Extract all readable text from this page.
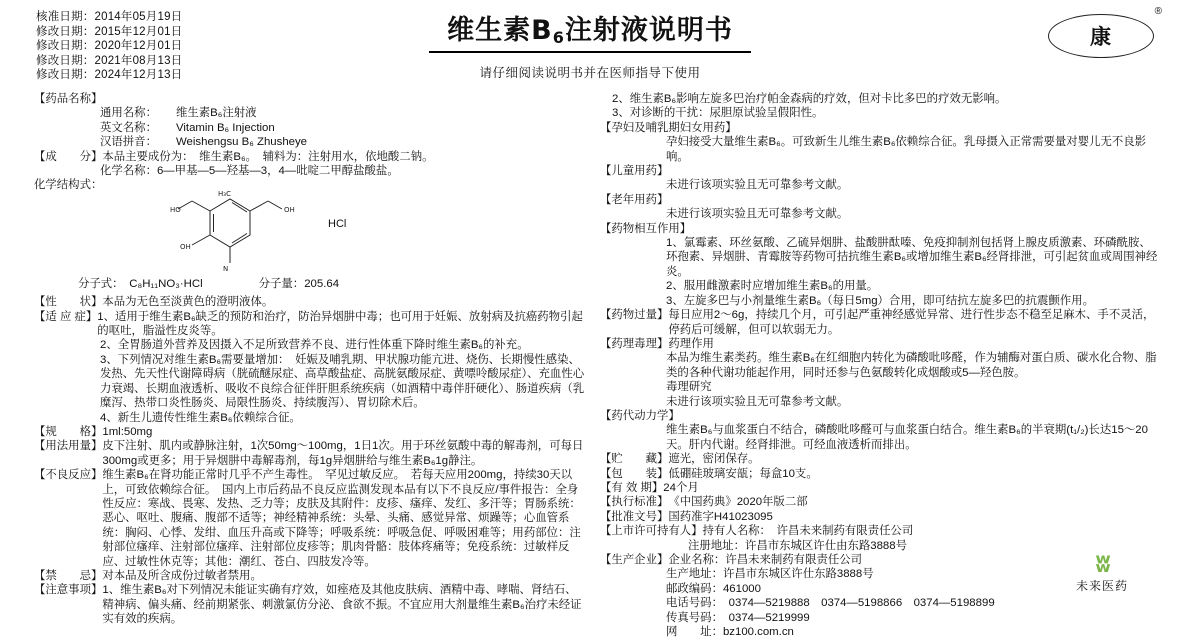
核准日期：2014年05月19日
修改日期：2015年12月01日
修改日期：2020年12月01日
修改日期：2021年08月13日
修改日期：2024年12月13日
维生素$B_6$注射液说明书
请仔细阅读说明书并在医师指导下使用
康
®
【药品名称】
通用名称：	维生素B₆注射液
英文名称：	Vitamin B₆ Injection
汉语拼音：	Weishengsu B₆ Zhusheye
【成　　分】 本品主要成份为：　维生素B₆。　辅料为：注射用水，依地酸二钠。
化学名称：6—甲基—5—羟基—3，4—吡啶二甲醇盐酸盐。
化学结构式：
HO	OH
N
OH
H₃C
HCl
分子式：　C₈H₁₁NO₃·HCl	分子量：205.64
【性　　状】 本品为无色至淡黄色的澄明液体。
【适 应 症】 1、适用于维生素B₆缺乏的预防和治疗，防治异烟肼中毒；也可用于妊娠、放射病及抗癌药物引起的呕吐，脂溢性皮炎等。
2、全胃肠道外营养及因摄入不足所致营养不良、进行性体重下降时维生素B₆的补充。
3、下列情况对维生素B₆需要量增加：　妊娠及哺乳期、甲状腺功能亢进、烧伤、长期慢性感染、发热、先天性代谢障碍病（胱硫醚尿症、高草酸盐症、高胱氨酸尿症、黄嘌呤酸尿症）、充血性心力衰竭、长期血液透析、吸收不良综合征伴肝胆系统疾病（如酒精中毒伴肝硬化）、肠道疾病（乳糜泻、热带口炎性肠炎、局限性肠炎、持续腹泻）、胃切除术后。
4、新生儿遗传性维生素B₆依赖综合征。
【规　　格】 1ml:50mg
【用法用量】 皮下注射、肌内或静脉注射，1次50mg～100mg，1日1次。用于环丝氨酸中毒的解毒剂，可每日300mg或更多；用于异烟肼中毒解毒剂，每1g异烟肼给与维生素B₆1g静注。
【不良反应】 维生素B₆在肾功能正常时几乎不产生毒性。　罕见过敏反应。　若每天应用200mg，持续30天以上，可致依赖综合征。　国内上市后药品不良反应监测发现本品有以下不良反应/事件报告：全身性反应：寒战、畏寒、发热、乏力等；皮肤及其附件：皮疹、瘙痒、发红、多汗等；胃肠系统：恶心、呕吐、腹痛、腹部不适等；神经精神系统：头晕、头痛、感觉异常、烦躁等；心血管系统：胸闷、心悸、发绀、血压升高或下降等；呼吸系统：呼吸急促、呼吸困难等；用药部位：注射部位瘙痒、注射部位瘙痒、注射部位皮疹等；肌肉骨骼：肢体疼痛等；免疫系统：过敏样反应、过敏性休克等；其他：潮红、苍白、四肢发冷等。
【禁　　忌】 对本品及所含成份过敏者禁用。
【注意事项】 1、维生素B₆对下列情况未能证实确有疗效，如痤疮及其他皮肤病、酒精中毒、哮喘、肾结石、精神病、偏头痛、经前期紧张、刺激氯仿分泌、食欲不振。不宜应用大剂量维生素B₆治疗未经证实有效的疾病。
2、维生素B₆影响左旋多巴治疗帕金森病的疗效，但对卡比多巴的疗效无影响。
3、对诊断的干扰：尿胆原试验呈假阳性。
【孕妇及哺乳期妇女用药】
孕妇接受大量维生素B₆。可致新生儿维生素B₆依赖综合征。乳母摄入正常需要量对婴儿无不良影响。
【儿童用药】
未进行该项实验且无可靠参考文献。
【老年用药】
未进行该项实验且无可靠参考文献。
【药物相互作用】
1、氯霉素、环丝氨酸、乙硫异烟肼、盐酸肼酞嗪、免疫抑制剂包括肾上腺皮质激素、环磷酰胺、环孢素、异烟肼、青霉胺等药物可拮抗维生素B₆或增加维生素B₆经肾排泄，可引起贫血或周围神经炎。
2、服用雌激素时应增加维生素B₆的用量。
3、左旋多巴与小剂量维生素B₆（每日5mg）合用，即可结抗左旋多巴的抗震颤作用。
【药物过量】 每日应用2～6g，持续几个月，可引起严重神经感觉异常、进行性步态不稳至足麻木、手不灵活，停药后可缓解，但可以软弱无力。
【药理毒理】 药理作用
本品为维生素类药。维生素B₆在红细胞内转化为磷酸吡哆醛，作为辅酶对蛋白质、碳水化合物、脂类的各种代谢功能起作用，同时还参与色氨酸转化成烟酸或5—羟色胺。
毒理研究
未进行该项实验且无可靠参考文献。
【药代动力学】
维生素B₆与血浆蛋白不结合，磷酸吡哆醛可与血浆蛋白结合。维生素B₆的半衰期(t₁/₂)长达15～20天。肝内代谢。经肾排泄。可经血液透析而排出。
【贮　　藏】 遮光，密闭保存。
【包　　装】 低硼硅玻璃安瓿；每盒10支。
【有 效 期】 24个月
【执行标准】 《中国药典》2020年版二部
【批准文号】 国药准字H41023095
【上市许可持有人】 持有人名称：　许昌未来制药有限责任公司
注册地址：许昌市东城区许仕由东路3888号
【生产企业】 企业名称：许昌未来制药有限责任公司
生产地址：许昌市东城区许仕东路3888号
邮政编码：461000
电话号码：　0374—5219888　0374—5198866　0374—5198899
传真号码：　0374—5219999
网　　址：bz100.com.cn
ʬ
未来医药
